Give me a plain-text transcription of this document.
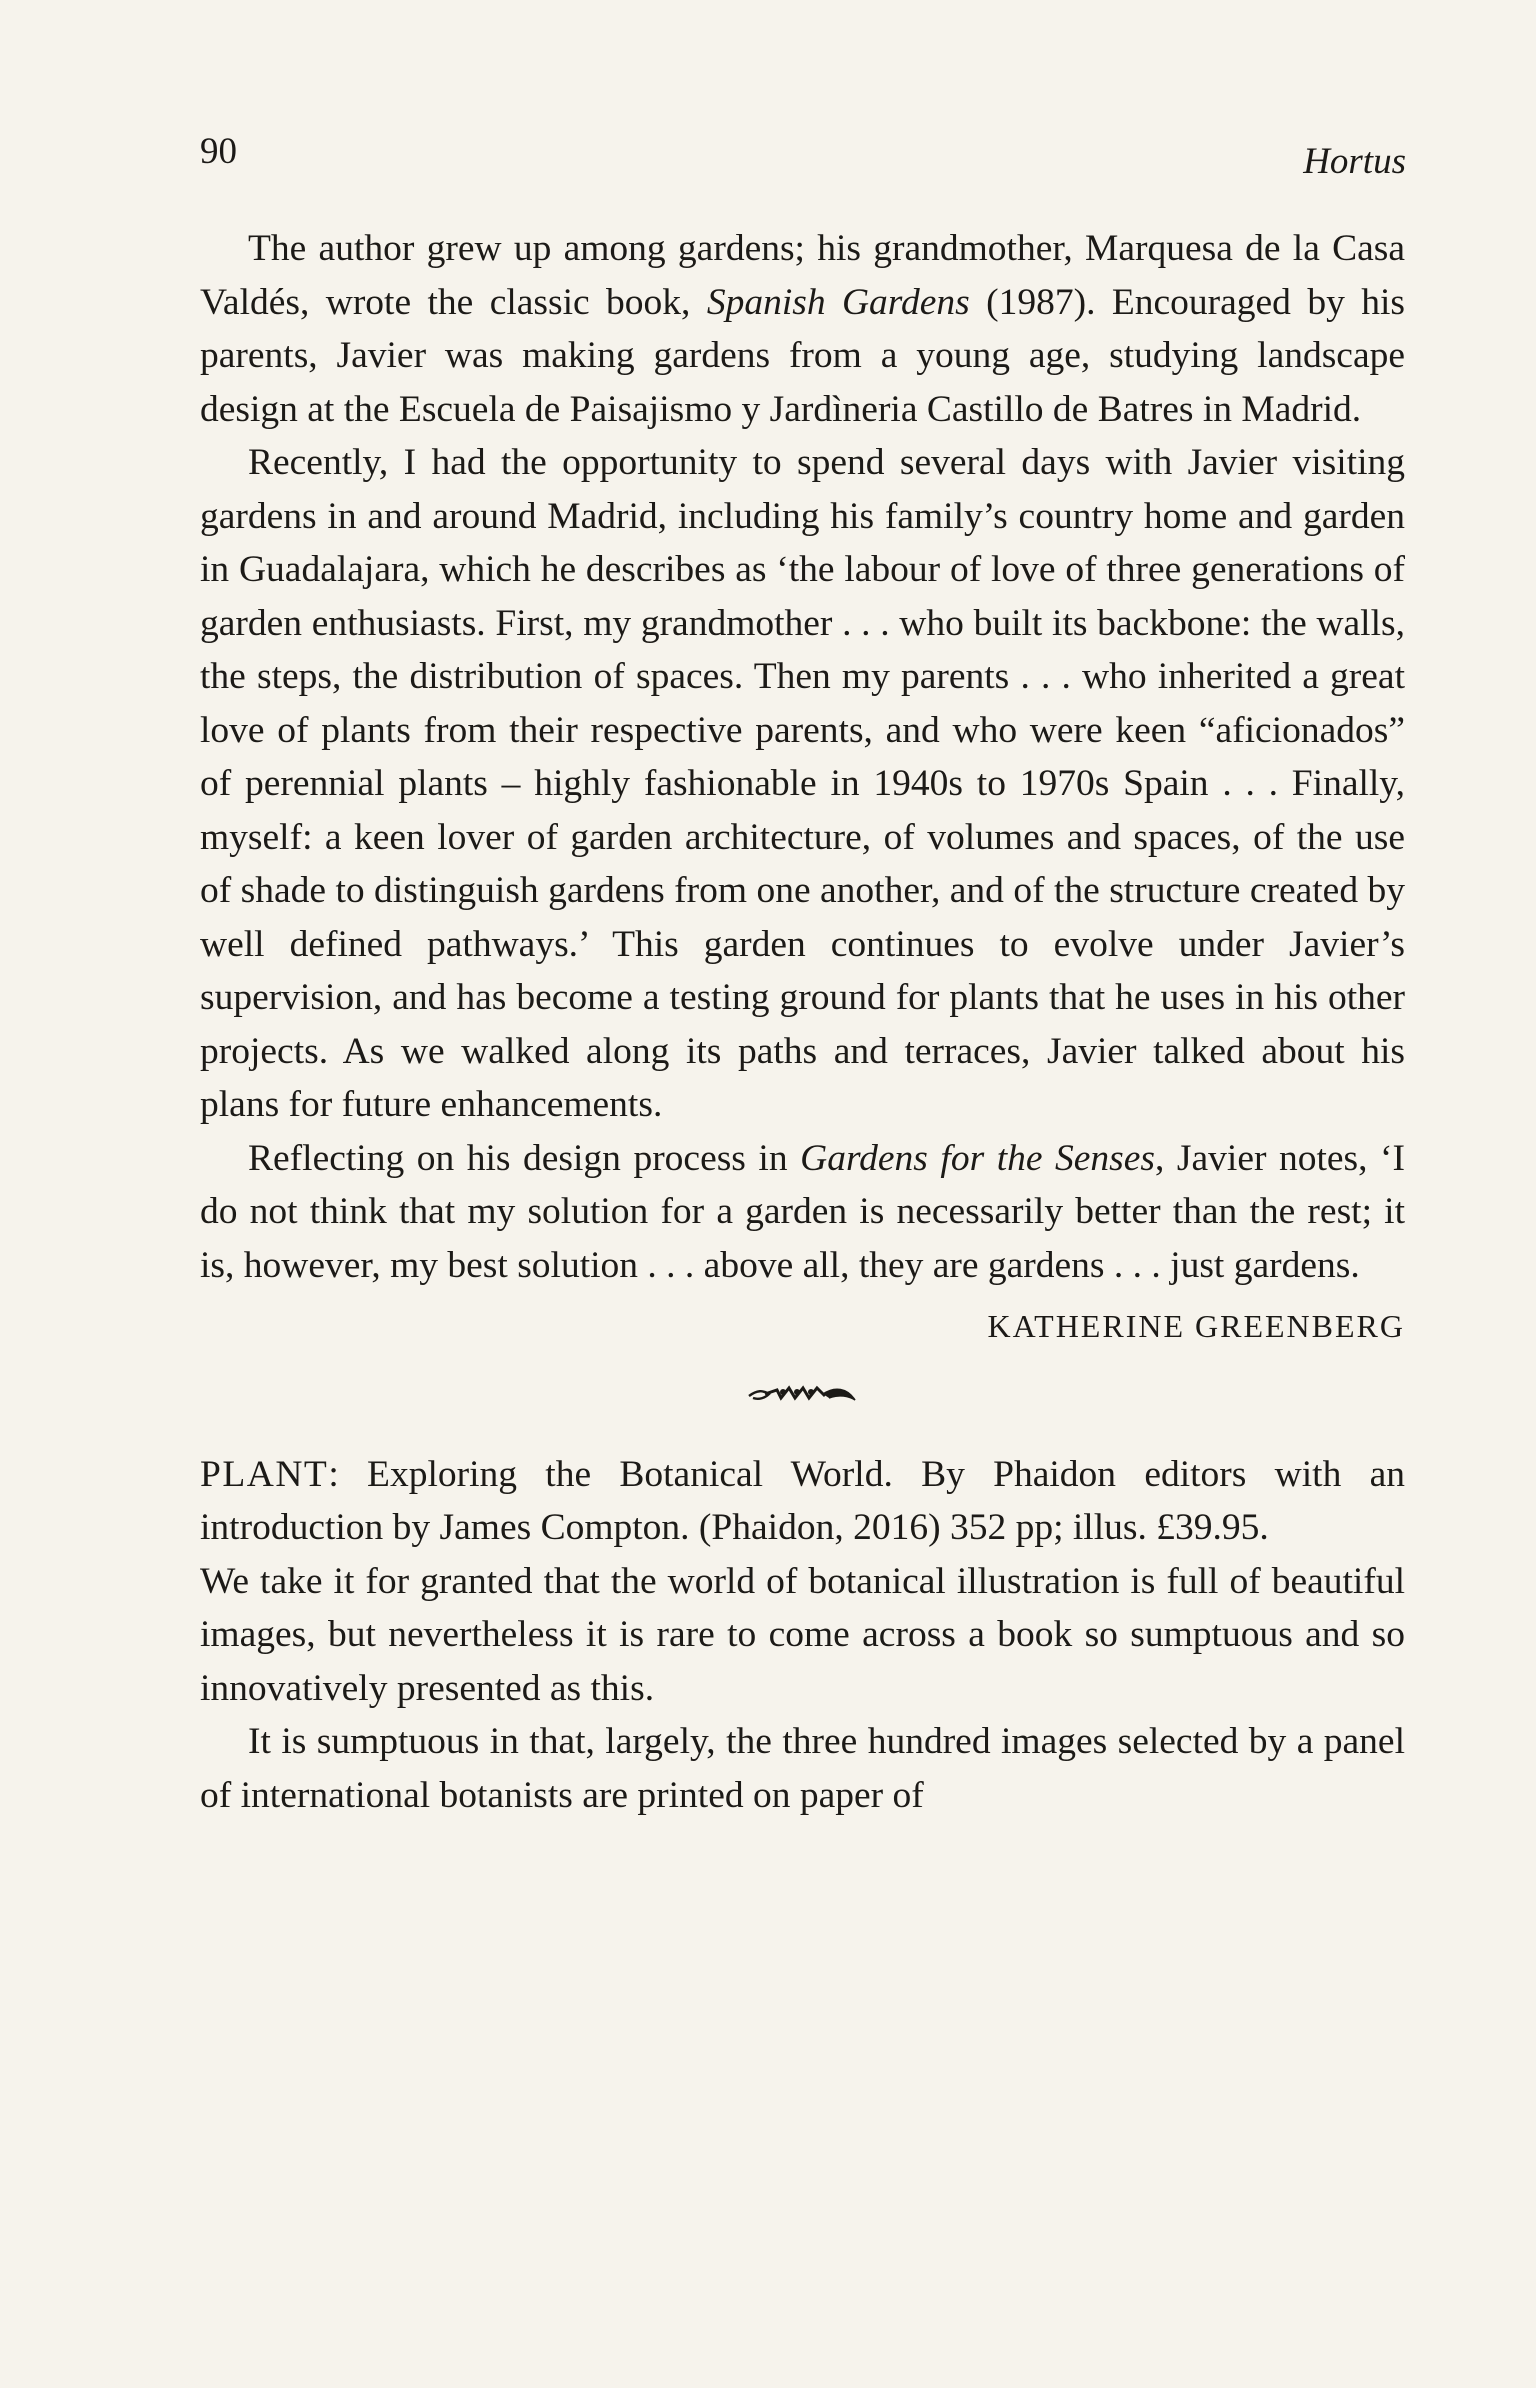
90	Hortus

The author grew up among gardens; his grandmother, Marquesa de la Casa Valdés, wrote the classic book, Spanish Gardens (1987). Encouraged by his parents, Javier was making gardens from a young age, studying landscape design at the Escuela de Paisajismo y Jardìneria Castillo de Batres in Madrid.

Recently, I had the opportunity to spend several days with Javier visiting gardens in and around Madrid, including his family’s country home and garden in Guadalajara, which he describes as ‘the labour of love of three generations of garden enthusiasts. First, my grandmother . . . who built its backbone: the walls, the steps, the distribution of spaces. Then my parents . . . who inherited a great love of plants from their respective parents, and who were keen “aficionados” of perennial plants – highly fashionable in 1940s to 1970s Spain . . . Finally, myself: a keen lover of garden architecture, of volumes and spaces, of the use of shade to distinguish gardens from one another, and of the structure created by well defined pathways.’ This garden continues to evolve under Javier’s supervision, and has become a testing ground for plants that he uses in his other projects. As we walked along its paths and terraces, Javier talked about his plans for future enhancements.

Reflecting on his design process in Gardens for the Senses, Javier notes, ‘I do not think that my solution for a garden is necessarily better than the rest; it is, however, my best solution . . . above all, they are gardens . . . just gardens.

KATHERINE GREENBERG

PLANT: Exploring the Botanical World. By Phaidon editors with an introduction by James Compton. (Phaidon, 2016) 352 pp; illus. £39.95.

We take it for granted that the world of botanical illustration is full of beautiful images, but nevertheless it is rare to come across a book so sumptuous and so innovatively presented as this.

It is sumptuous in that, largely, the three hundred images selected by a panel of international botanists are printed on paper of
